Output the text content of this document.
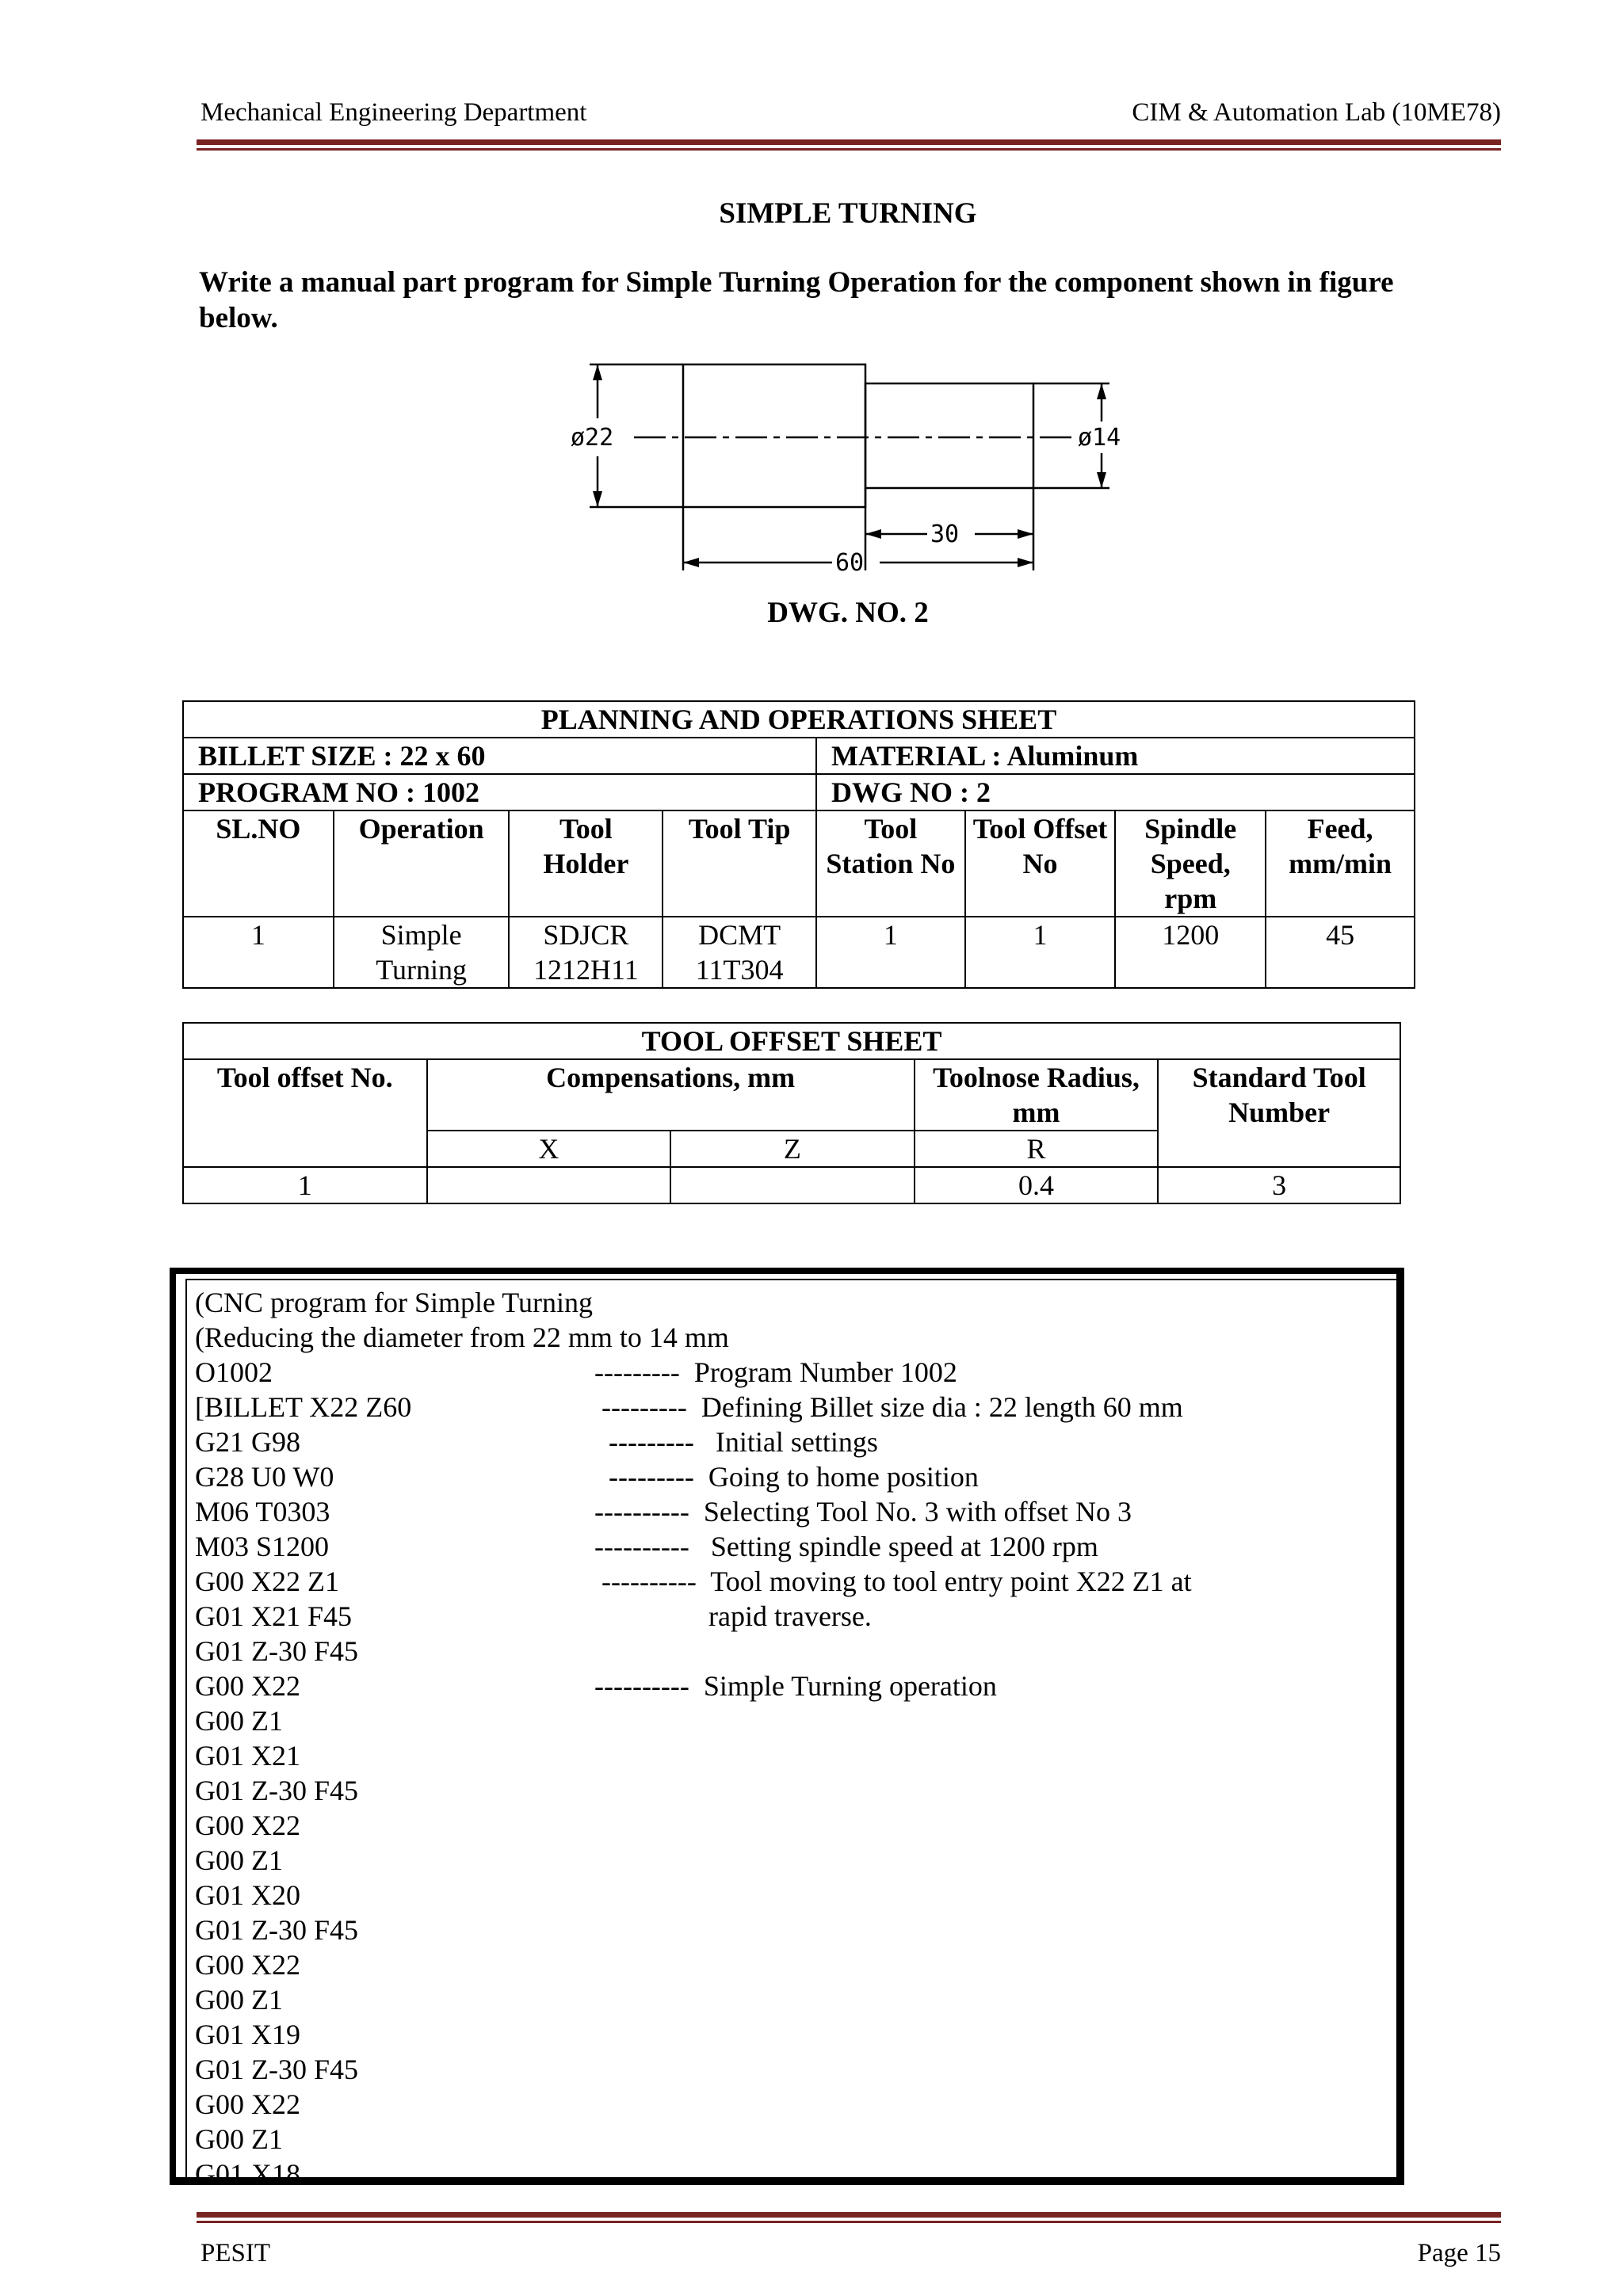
Mechanical Engineering Department	CIM & Automation Lab (10ME78)
SIMPLE TURNING
Write a manual part program for Simple Turning Operation for the component shown in figure below.
ø22	ø14
30
60
DWG. NO. 2
PLANNING AND OPERATIONS SHEET							
BILLET SIZE : 22 x 60				MATERIAL : Aluminum			
PROGRAM NO : 1002				DWG NO : 2			
SL.NO	Operation	Tool Holder	Tool Tip	Tool Station No	Tool Offset No	Spindle Speed, rpm	Feed, mm/min
1	Simple Turning	SDJCR 1212H11	DCMT 11T304	1	1	1200	45
TOOL OFFSET SHEET				
Tool offset No.	Compensations, mm		Toolnose Radius, mm	Standard Tool Number
	X	Z	R	
1			0.4	3
(CNC program for Simple Turning
(Reducing the diameter from 22 mm to 14 mm
O1002	---------  Program Number 1002
[BILLET X22 Z60	---------  Defining Billet size dia : 22 length 60 mm
G21 G98	---------   Initial settings
G28 U0 W0	---------  Going to home position
M06 T0303	----------  Selecting Tool No. 3 with offset No 3
M03 S1200	----------   Setting spindle speed at 1200 rpm
G00 X22 Z1	----------  Tool moving to tool entry point X22 Z1 at
G01 X21 F45	rapid traverse.
G01 Z-30 F45
G00 X22	----------  Simple Turning operation
G00 Z1
G01 X21
G01 Z-30 F45
G00 X22
G00 Z1
G01 X20
G01 Z-30 F45
G00 X22
G00 Z1
G01 X19
G01 Z-30 F45
G00 X22
G00 Z1
G01 X18
PESIT	Page 15
